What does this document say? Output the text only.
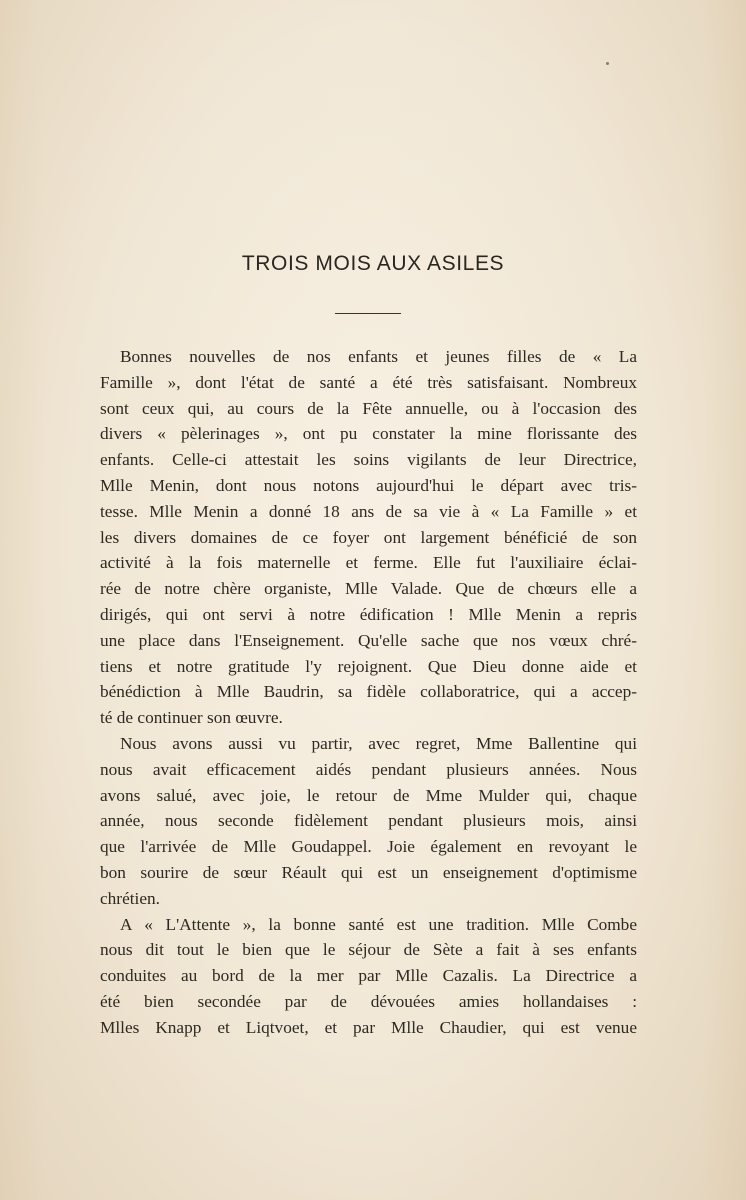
TROIS MOIS AUX ASILES
Bonnes nouvelles de nos enfants et jeunes filles de « La
Famille », dont l'état de santé a été très satisfaisant. Nombreux
sont ceux qui, au cours de la Fête annuelle, ou à l'occasion des
divers « pèlerinages », ont pu constater la mine florissante des
enfants. Celle-ci attestait les soins vigilants de leur Directrice,
Mlle Menin, dont nous notons aujourd'hui le départ avec tris-
tesse. Mlle Menin a donné 18 ans de sa vie à « La Famille » et
les divers domaines de ce foyer ont largement bénéficié de son
activité à la fois maternelle et ferme. Elle fut l'auxiliaire éclai-
rée de notre chère organiste, Mlle Valade. Que de chœurs elle a
dirigés, qui ont servi à notre édification ! Mlle Menin a repris
une place dans l'Enseignement. Qu'elle sache que nos vœux chré-
tiens et notre gratitude l'y rejoignent. Que Dieu donne aide et
bénédiction à Mlle Baudrin, sa fidèle collaboratrice, qui a accep-
té de continuer son œuvre.
Nous avons aussi vu partir, avec regret, Mme Ballentine qui
nous avait efficacement aidés pendant plusieurs années. Nous
avons salué, avec joie, le retour de Mme Mulder qui, chaque
année, nous seconde fidèlement pendant plusieurs mois, ainsi
que l'arrivée de Mlle Goudappel. Joie également en revoyant le
bon sourire de sœur Réault qui est un enseignement d'optimisme
chrétien.
A « L'Attente », la bonne santé est une tradition. Mlle Combe
nous dit tout le bien que le séjour de Sète a fait à ses enfants
conduites au bord de la mer par Mlle Cazalis. La Directrice a
été bien secondée par de dévouées amies hollandaises :
Mlles Knapp et Liqtvoet, et par Mlle Chaudier, qui est venue
